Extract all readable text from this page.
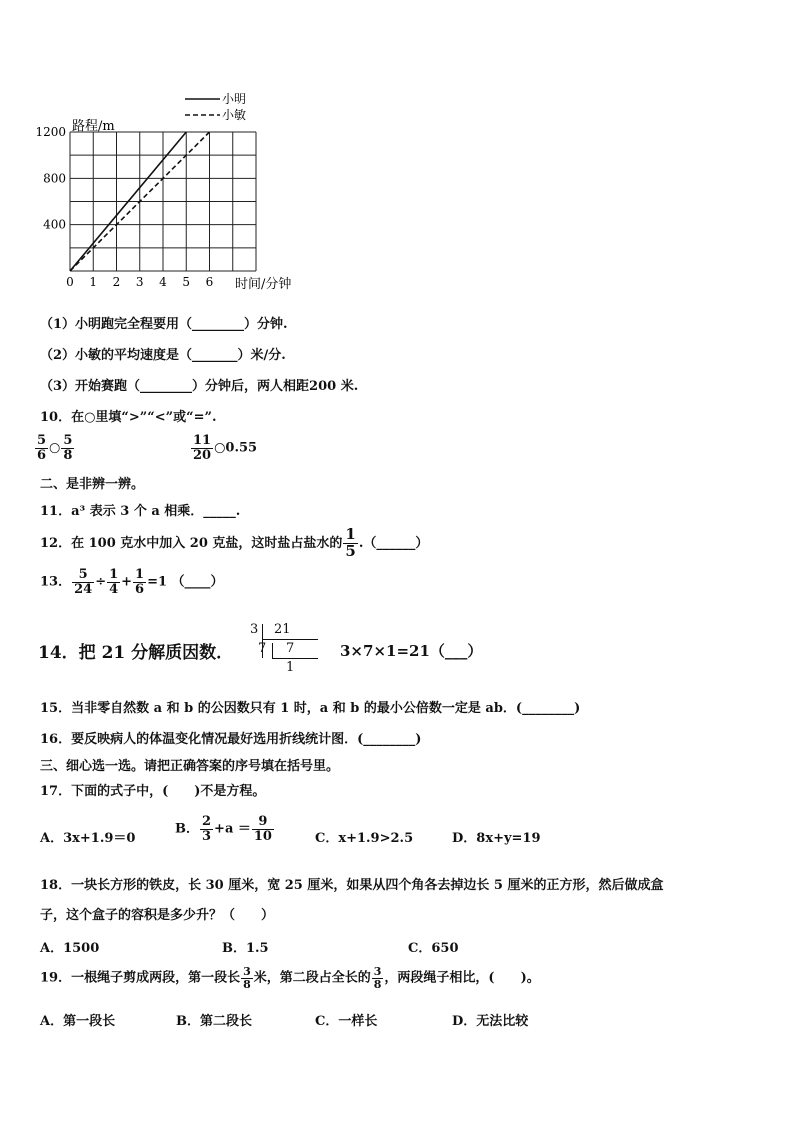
0 1 2 3 4 5 6
400
800
1200 路程/m
时间/分钟
小明
小敏
（1）小明跑完全程要用（________）分钟.
（2）小敏的平均速度是（_______）米/分.
（3）开始赛跑（________）分钟后，两人相距200 米.
10．在○里填“>”“<”或“=”.
$\frac{5}{6}$ ○ $\frac{5}{8}$	$\frac{11}{20}$ ○0.55
二、是非辨一辨。
11．a³ 表示 3 个 a 相乘．_____.
12．在 100 克水中加入 20 克盐，这时盐占盐水的 $\frac{1}{5}$ .（______）
13． $\frac{5}{24} \div \frac{1}{4} + \frac{1}{6} =1$ （____）
14．把 21 分解质因数．
3 21
7 7
1
3×7×1=21（___）
15．当非零自然数 a 和 b 的公因数只有 1 时，a 和 b 的最小公倍数一定是 ab．(________)
16．要反映病人的体温变化情况最好选用折线统计图．(________)
三、细心选一选。请把正确答案的序号填在括号里。
17．下面的式子中，(　　)不是方程。
A．3x+1.9＝0
B． $\frac{2}{3} +a = \frac{9}{10}$	C．x+1.9>2.5	D．8x+y=19
18．一块长方形的铁皮，长 30 厘米，宽 25 厘米，如果从四个角各去掉边长 5 厘米的正方形，然后做成盒
子，这个盒子的容积是多少升？（　　）
A．1500	B．1.5	C．650
19．一根绳子剪成两段，第一段长 $\frac{3}{8}$ 米，第二段占全长的 $\frac{3}{8}$ ，两段绳子相比，(　　)。
A．第一段长	B．第二段长	C．一样长	D．无法比较
